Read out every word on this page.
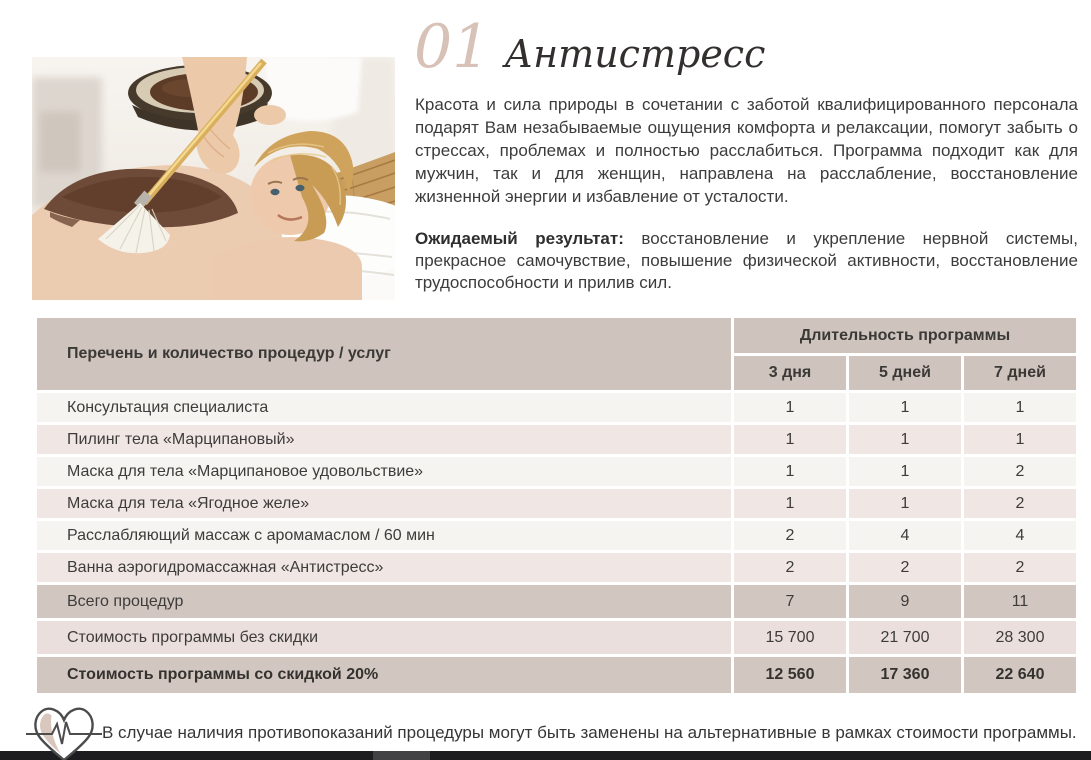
01 Антистресс
Красота и сила природы в сочетании с заботой квалифицированного персонала подарят Вам незабываемые ощущения комфорта и релаксации, помогут забыть о стрессах, проблемах и полностью расслабиться. Программа подходит как для мужчин, так и для женщин, направлена на расслабление, восстановление жизненной энергии и избавление от усталости.
Ожидаемый результат: восстановление и укрепление нервной системы, прекрасное самочувствие, повышение физической активности, восстановление трудоспособности и прилив сил.
Перечень и количество процедур / услуг
Длительность программы
3 дня	5 дней	7 дней
Консультация специалиста	1	1	1
Пилинг тела «Марципановый»	1	1	1
Маска для тела «Марципановое удовольствие»	1	1	2
Маска для тела «Ягодное желе»	1	1	2
Расслабляющий массаж с аромамаслом / 60 мин	2	4	4
Ванна аэрогидромассажная «Антистресс»	2	2	2
Всего процедур	7	9	11
Стоимость программы без скидки	15 700	21 700	28 300
Стоимость программы со скидкой 20%	12 560	17 360	22 640
В случае наличия противопоказаний процедуры могут быть заменены на альтернативные в рамках стоимости программы.
